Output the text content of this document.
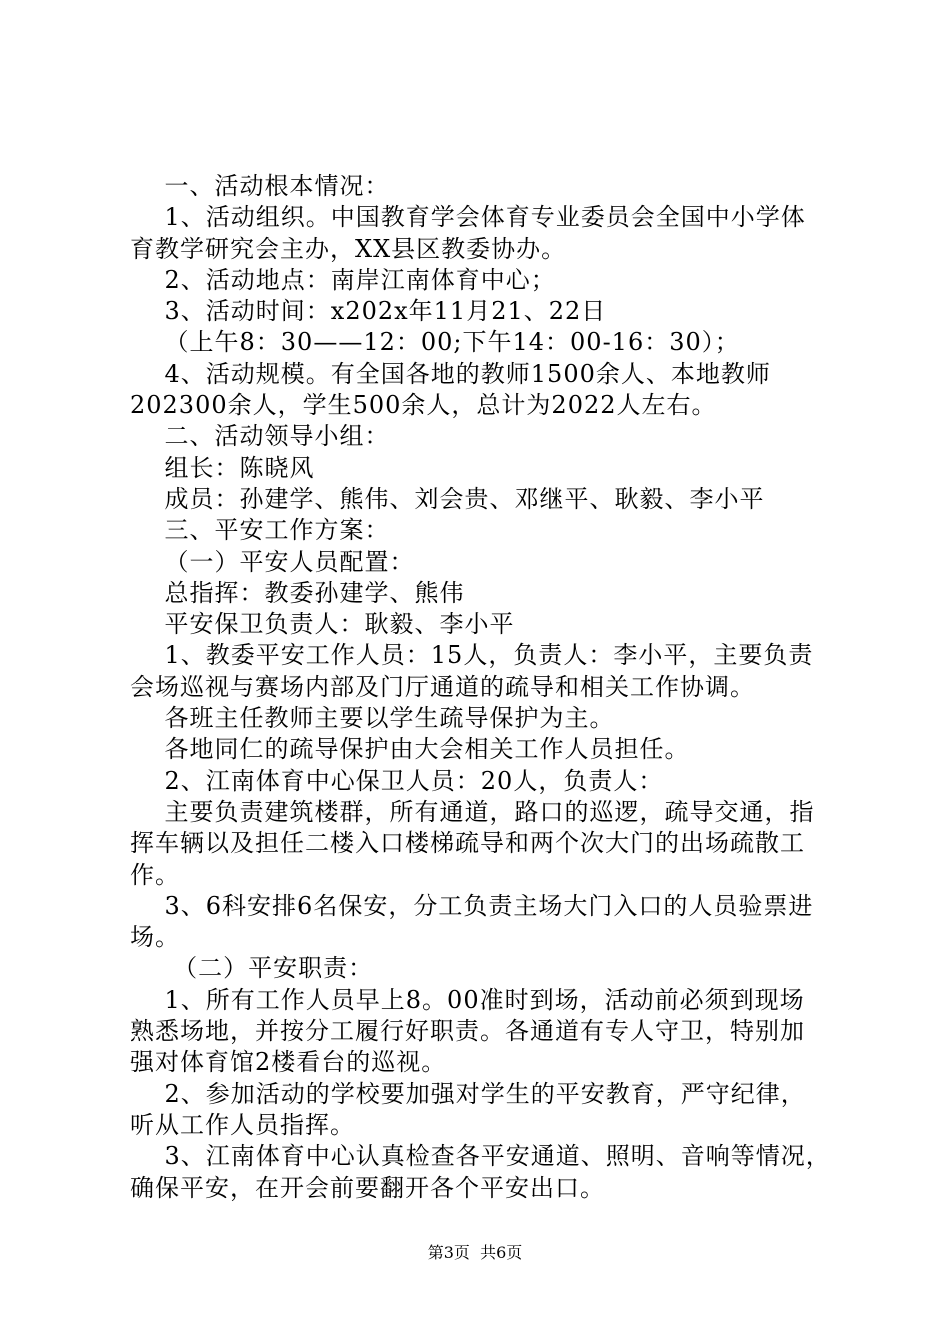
一、活动根本情况：
1、活动组织。中国教育学会体育专业委员会全国中小学体
育教学研究会主办，XX县区教委协办。
2、活动地点：南岸江南体育中心；
3、活动时间：x202x年11月21、22日
（上午8：30——12：00;下午14：00-16：30）；
4、活动规模。有全国各地的教师1500余人、本地教师
202300余人，学生500余人，总计为2022人左右。
二、活动领导小组：
组长：陈晓风
成员：孙建学、熊伟、刘会贵、邓继平、耿毅、李小平
三、平安工作方案：
（一）平安人员配置：
总指挥：教委孙建学、熊伟
平安保卫负责人：耿毅、李小平
1、教委平安工作人员：15人，负责人：李小平，主要负责
会场巡视与赛场内部及门厅通道的疏导和相关工作协调。
各班主任教师主要以学生疏导保护为主。
各地同仁的疏导保护由大会相关工作人员担任。
2、江南体育中心保卫人员：20人，负责人：
主要负责建筑楼群，所有通道，路口的巡逻，疏导交通，指
挥车辆以及担任二楼入口楼梯疏导和两个次大门的出场疏散工
作。
3、6科安排6名保安，分工负责主场大门入口的人员验票进
场。
（二）平安职责：
1、所有工作人员早上8。00准时到场，活动前必须到现场
熟悉场地，并按分工履行好职责。各通道有专人守卫，特别加
强对体育馆2楼看台的巡视。
2、参加活动的学校要加强对学生的平安教育，严守纪律，
听从工作人员指挥。
3、江南体育中心认真检查各平安通道、照明、音响等情况，
确保平安，在开会前要翻开各个平安出口。
第3页  共6页
